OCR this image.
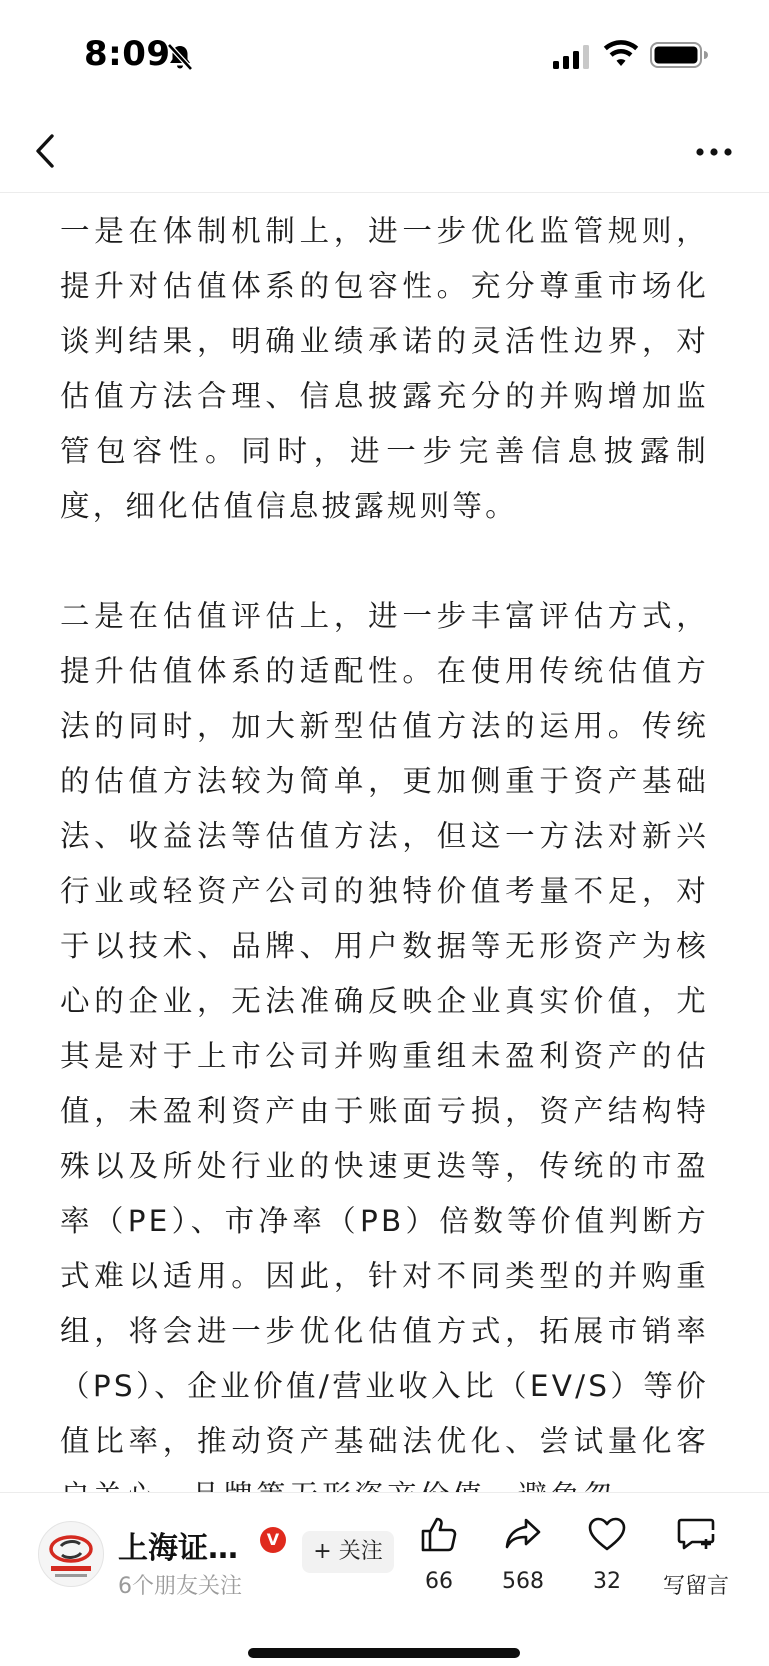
8:09

一是在体制机制上，进一步优化监管规则，提升对估值体系的包容性。充分尊重市场化谈判结果，明确业绩承诺的灵活性边界，对估值方法合理、信息披露充分的并购增加监管包容性。同时，进一步完善信息披露制度，细化估值信息披露规则等。

二是在估值评估上，进一步丰富评估方式，提升估值体系的适配性。在使用传统估值方法的同时，加大新型估值方法的运用。传统的估值方法较为简单，更加侧重于资产基础法、收益法等估值方法，但这一方法对新兴行业或轻资产公司的独特价值考量不足，对于以技术、品牌、用户数据等无形资产为核心的企业，无法准确反映企业真实价值，尤其是对于上市公司并购重组未盈利资产的估值，未盈利资产由于账面亏损，资产结构特殊以及所处行业的快速更迭等，传统的市盈率（PE）、市净率（PB）倍数等价值判断方式难以适用。因此，针对不同类型的并购重组，将会进一步优化估值方式，拓展市销率（PS）、企业价值/营业收入比（EV/S）等价值比率，推动资产基础法优化、尝试量化客

上海证…	V
6个朋友关注
+ 关注
66	568	32	写留言
